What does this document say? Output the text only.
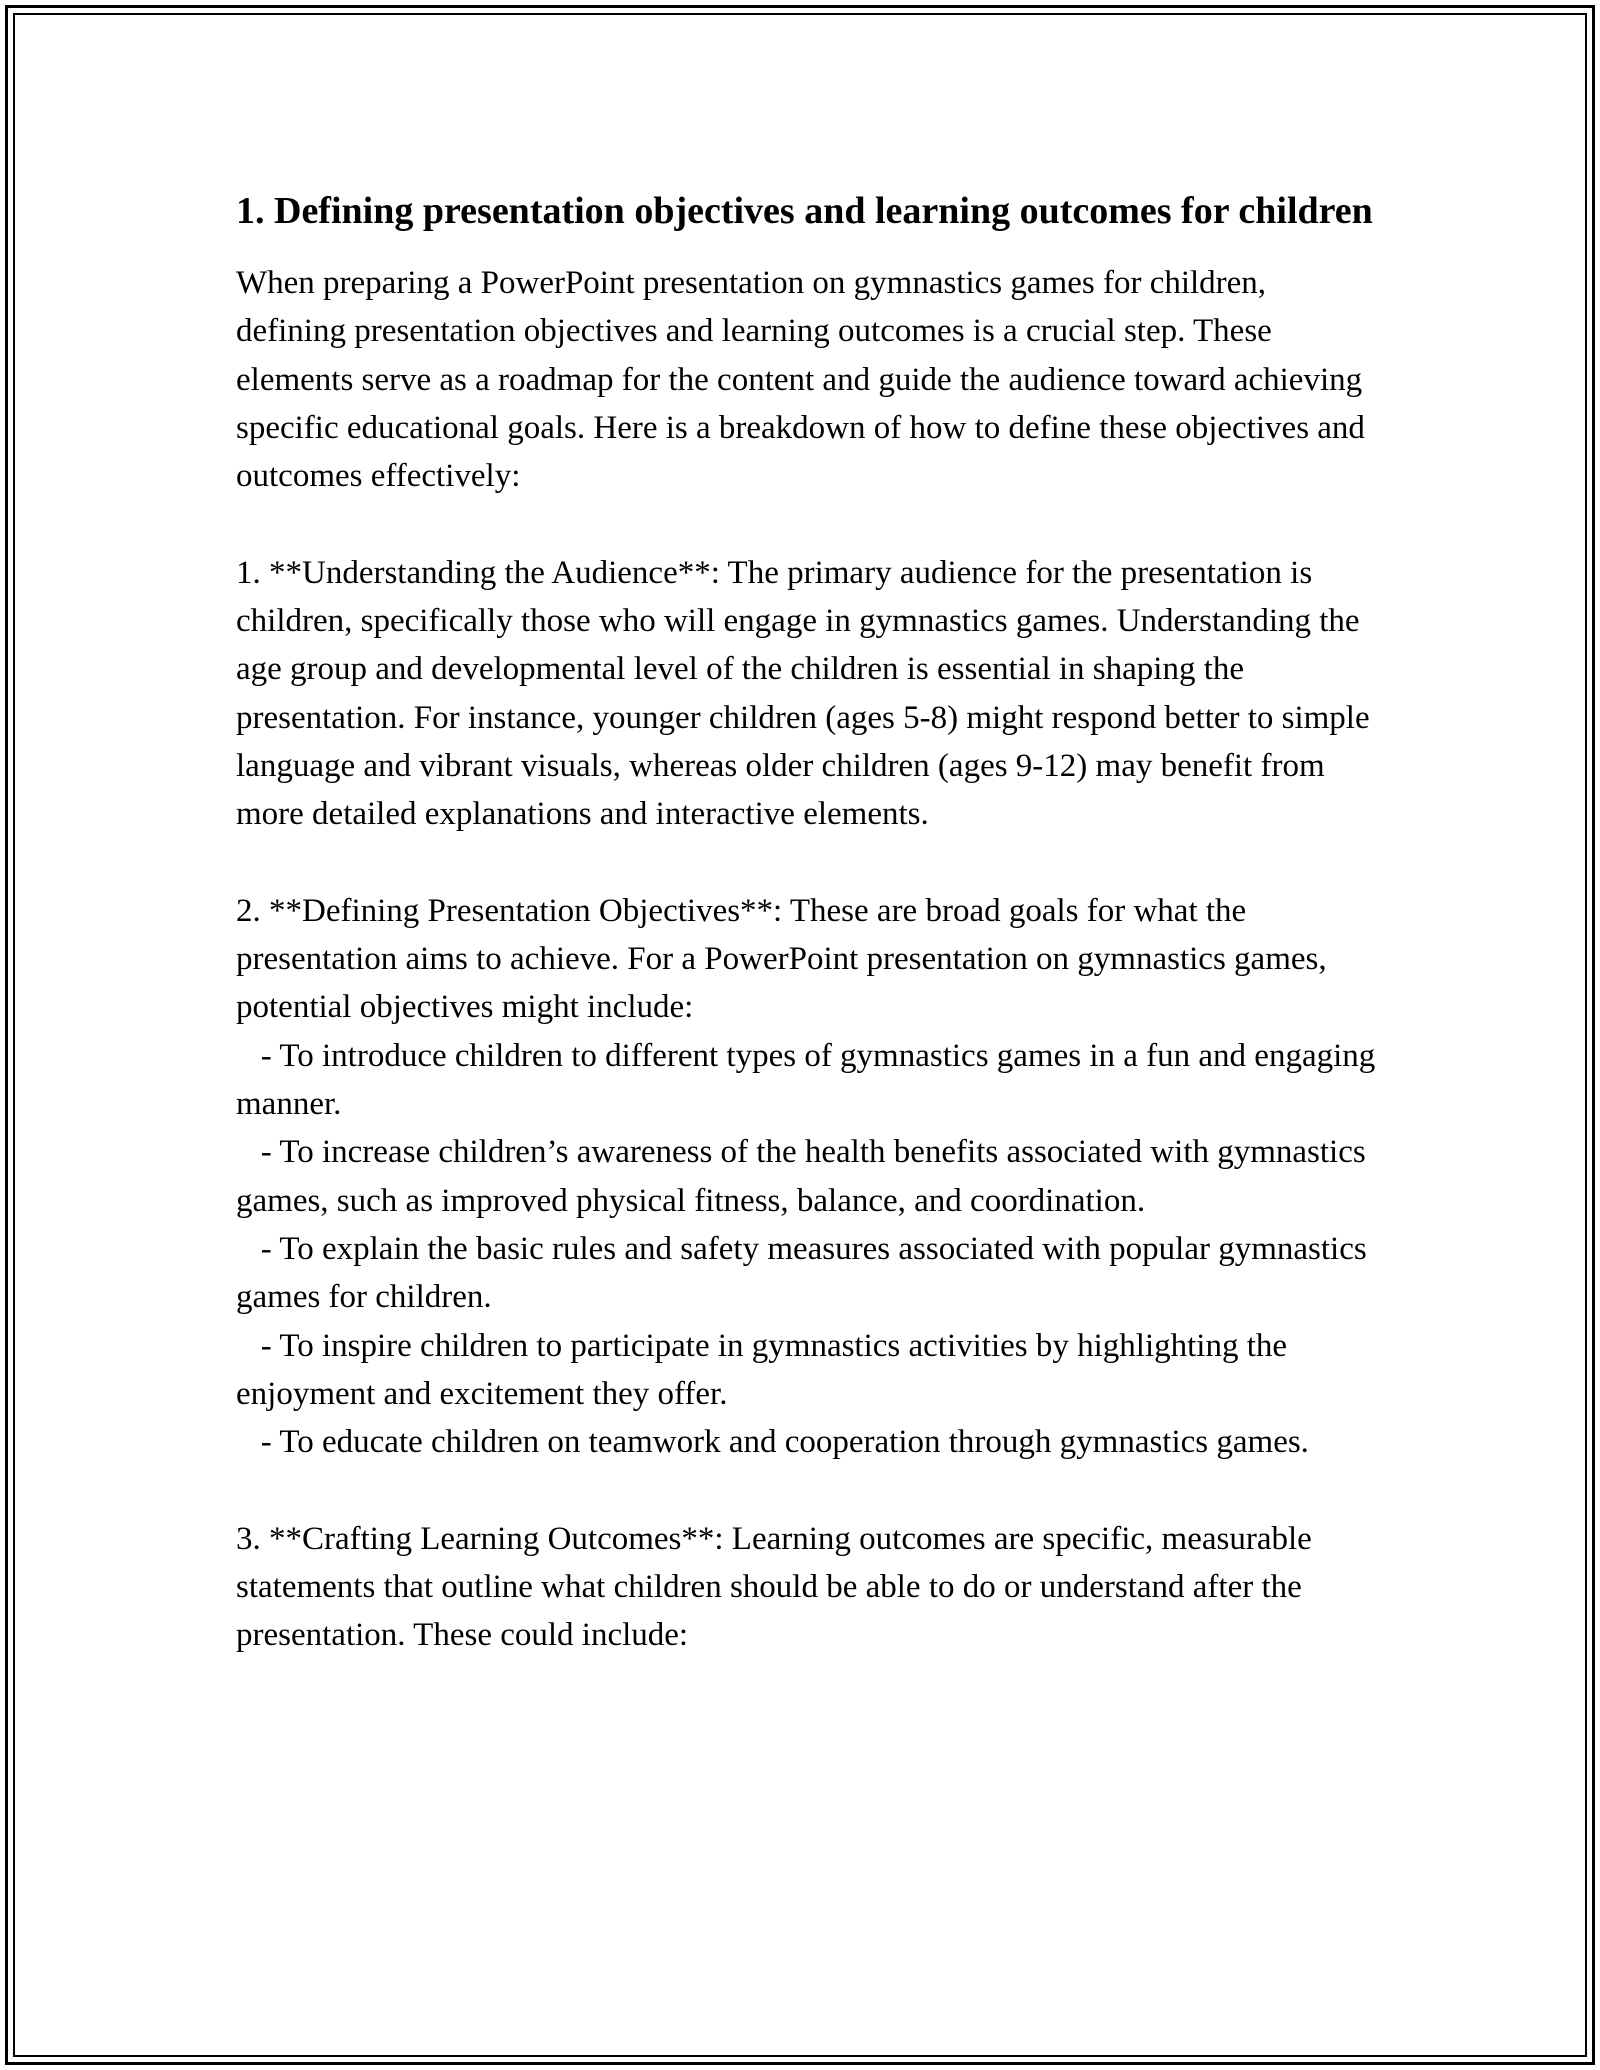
1. Defining presentation objectives and learning outcomes for children

When preparing a PowerPoint presentation on gymnastics games for children, defining presentation objectives and learning outcomes is a crucial step. These elements serve as a roadmap for the content and guide the audience toward achieving specific educational goals. Here is a breakdown of how to define these objectives and outcomes effectively:

1. **Understanding the Audience**: The primary audience for the presentation is children, specifically those who will engage in gymnastics games. Understanding the age group and developmental level of the children is essential in shaping the presentation. For instance, younger children (ages 5-8) might respond better to simple language and vibrant visuals, whereas older children (ages 9-12) may benefit from more detailed explanations and interactive elements.

2. **Defining Presentation Objectives**: These are broad goals for what the presentation aims to achieve. For a PowerPoint presentation on gymnastics games, potential objectives might include:
- To introduce children to different types of gymnastics games in a fun and engaging manner.
- To increase children’s awareness of the health benefits associated with gymnastics games, such as improved physical fitness, balance, and coordination.
- To explain the basic rules and safety measures associated with popular gymnastics games for children.
- To inspire children to participate in gymnastics activities by highlighting the enjoyment and excitement they offer.
- To educate children on teamwork and cooperation through gymnastics games.

3. **Crafting Learning Outcomes**: Learning outcomes are specific, measurable statements that outline what children should be able to do or understand after the presentation. These could include:
